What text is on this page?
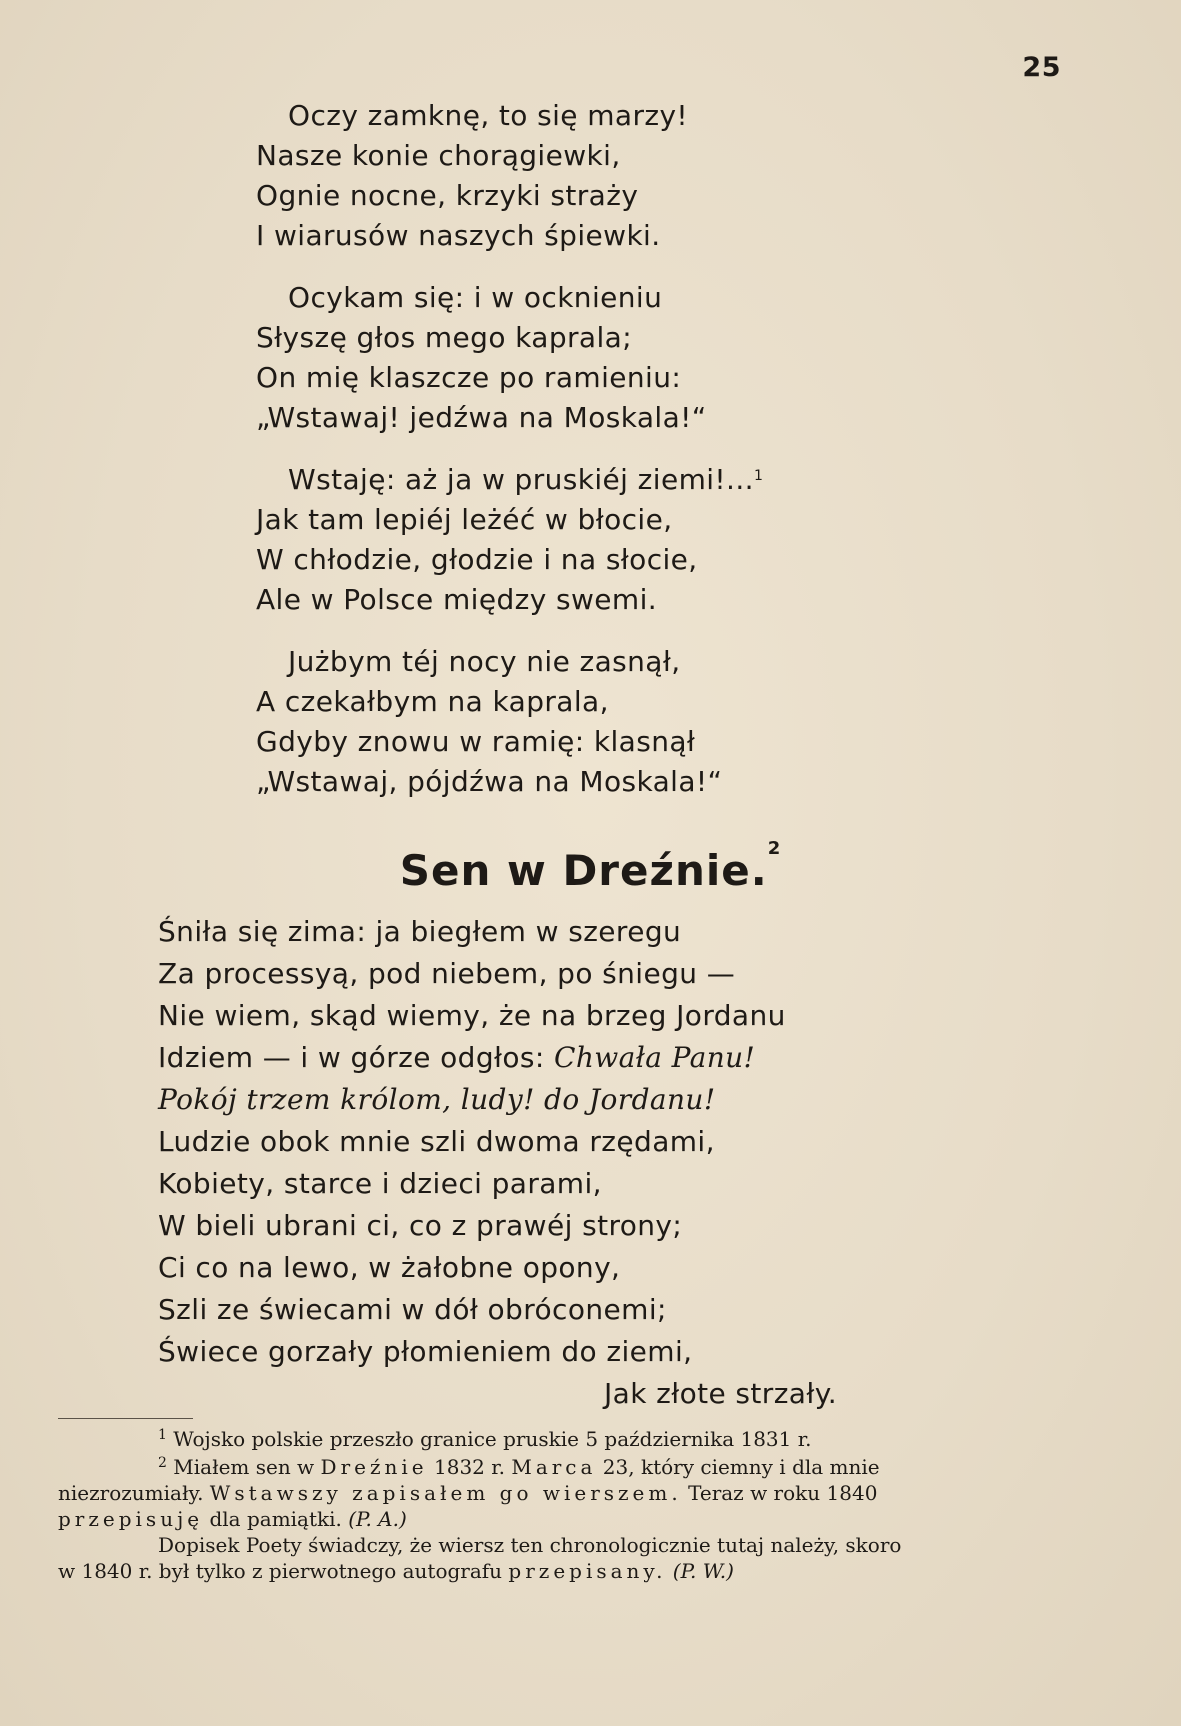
25
Oczy zamknę, to się marzy!
Nasze konie chorągiewki,
Ognie nocne, krzyki straży
I wiarusów naszych śpiewki.
Ocykam się: i w ocknieniu
Słyszę głos mego kaprala;
On mię klaszcze po ramieniu:
„Wstawaj! jedźwa na Moskala!“
Wstaję: aż ja w pruskiéj ziemi!...$^1$
Jak tam lepiéj leżéć w błocie,
W chłodzie, głodzie i na słocie,
Ale w Polsce między swemi.
Jużbym téj nocy nie zasnął,
A czekałbym na kaprala,
Gdyby znowu w ramię: klasnął
„Wstawaj, pójdźwa na Moskala!“
Sen w Dreźnie.$^2$
Śniła się zima: ja biegłem w szeregu
Za processyą, pod niebem, po śniegu —
Nie wiem, skąd wiemy, że na brzeg Jordanu
Idziem — i w górze odgłos: Chwała Panu!
Pokój trzem królom, ludy! do Jordanu!
Ludzie obok mnie szli dwoma rzędami,
Kobiety, starce i dzieci parami,
W bieli ubrani ci, co z prawéj strony;
Ci co na lewo, w żałobne opony,
Szli ze świecami w dół obróconemi;
Świece gorzały płomieniem do ziemi,
Jak złote strzały.
$^1$ Wojsko polskie przeszło granice pruskie 5 października 1831 r.
$^2$ Miałem sen w Dreźnie 1832 r. Marca 23, który ciemny i dla mnie
niezrozumiały. Wstawszy zapisałem go wierszem. Teraz w roku 1840
przepisuję dla pamiątki. (P. A.)
Dopisek Poety świadczy, że wiersz ten chronologicznie tutaj należy, skoro
w 1840 r. był tylko z pierwotnego autografu przepisany. (P. W.)
